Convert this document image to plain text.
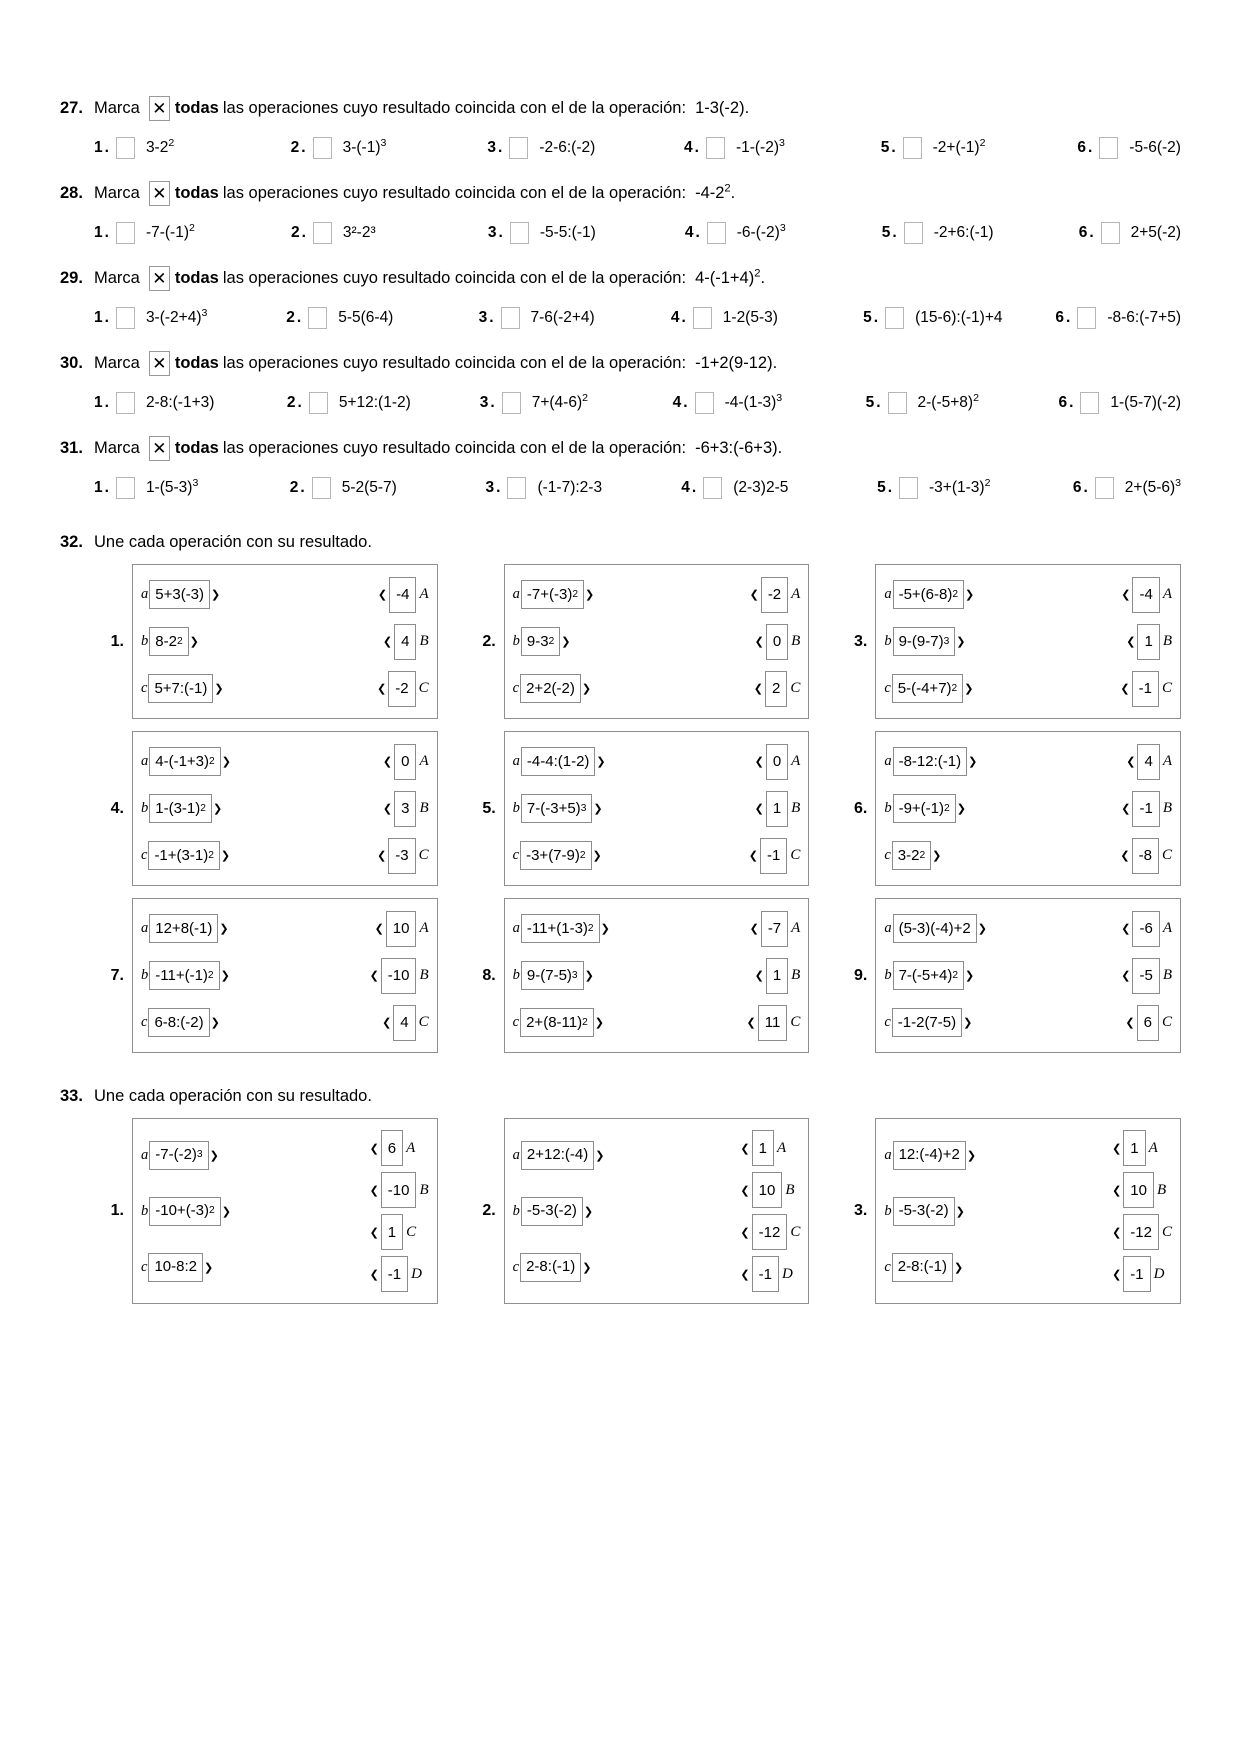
27. Marca ✕ todas las operaciones cuyo resultado coincida con el de la operación: 1-3(-2).
1 . $3-2^2$	2 . $3-(-1)^3$	3 . -2-6:(-2)	4 . $-1-(-2)^3$	5 . $-2+(-1)^2$	6 . -5-6(-2)
28. Marca ✕ todas las operaciones cuyo resultado coincida con el de la operación: $-4-2^2$.
1 . $-7-(-1)^2$	2 . 3²-2³	3 . -5-5:(-1)	4 . $-6-(-2)^3$	5 . -2+6:(-1)	6 . 2+5(-2)
29. Marca ✕ todas las operaciones cuyo resultado coincida con el de la operación: $4-(-1+4)^2$.
1 . $3-(-2+4)^3$	2 . 5-5(6-4)	3 . 7-6(-2+4)	4 . 1-2(5-3)	5 . (15-6):(-1)+4	6 . -8-6:(-7+5)
30. Marca ✕ todas las operaciones cuyo resultado coincida con el de la operación: -1+2(9-12).
1 . 2-8:(-1+3)	2 . 5+12:(1-2)	3 . $7+(4-6)^2$	4 . $-4-(1-3)^3$	5 . $2-(-5+8)^2$	6 . 1-(5-7)(-2)
31. Marca ✕ todas las operaciones cuyo resultado coincida con el de la operación: -6+3:(-6+3).
1 . $1-(5-3)^3$	2 . 5-2(5-7)	3 . (-1-7):2-3	4 . (2-3)2-5	5 . $-3+(1-3)^2$	6 . $2+(5-6)^3$
32. Une cada operación con su resultado.
1.
a 5+3(-3) ❯	❮ -4 A
b 8-2 2 ❯	❮ 4 B
c 5+7:(-1) ❯	❮ -2 C
2.
a -7+(-3) 2 ❯	❮ -2 A
b 9-3 2 ❯	❮ 0 B
c 2+2(-2) ❯	❮ 2 C
3.
a -5+(6-8) 2 ❯	❮ -4 A
b 9-(9-7) 3 ❯	❮ 1 B
c 5-(-4+7) 2 ❯	❮ -1 C
4.
a 4-(-1+3) 2 ❯	❮ 0 A
b 1-(3-1) 2 ❯	❮ 3 B
c -1+(3-1) 2 ❯	❮ -3 C
5.
a -4-4:(1-2) ❯	❮ 0 A
b 7-(-3+5) 3 ❯	❮ 1 B
c -3+(7-9) 2 ❯	❮ -1 C
6.
a -8-12:(-1) ❯	❮ 4 A
b -9+(-1) 2 ❯	❮ -1 B
c 3-2 2 ❯	❮ -8 C
7.
a 12+8(-1) ❯	❮ 10 A
b -11+(-1) 2 ❯	❮ -10 B
c 6-8:(-2) ❯	❮ 4 C
8.
a -11+(1-3) 2 ❯	❮ -7 A
b 9-(7-5) 3 ❯	❮ 1 B
c 2+(8-11) 2 ❯	❮ 11 C
9.
a (5-3)(-4)+2 ❯	❮ -6 A
b 7-(-5+4) 2 ❯	❮ -5 B
c -1-2(7-5) ❯	❮ 6 C
33. Une cada operación con su resultado.
1.
a -7-(-2) 3 ❯
b -10+(-3) 2 ❯
c 10-8:2 ❯
❮ 6 A
❮ -10 B
❮ 1 C
❮ -1 D
2.
a 2+12:(-4) ❯
b -5-3(-2) ❯
c 2-8:(-1) ❯
❮ 1 A
❮ 10 B
❮ -12 C
❮ -1 D
3.
a 12:(-4)+2 ❯
b -5-3(-2) ❯
c 2-8:(-1) ❯
❮ 1 A
❮ 10 B
❮ -12 C
❮ -1 D
